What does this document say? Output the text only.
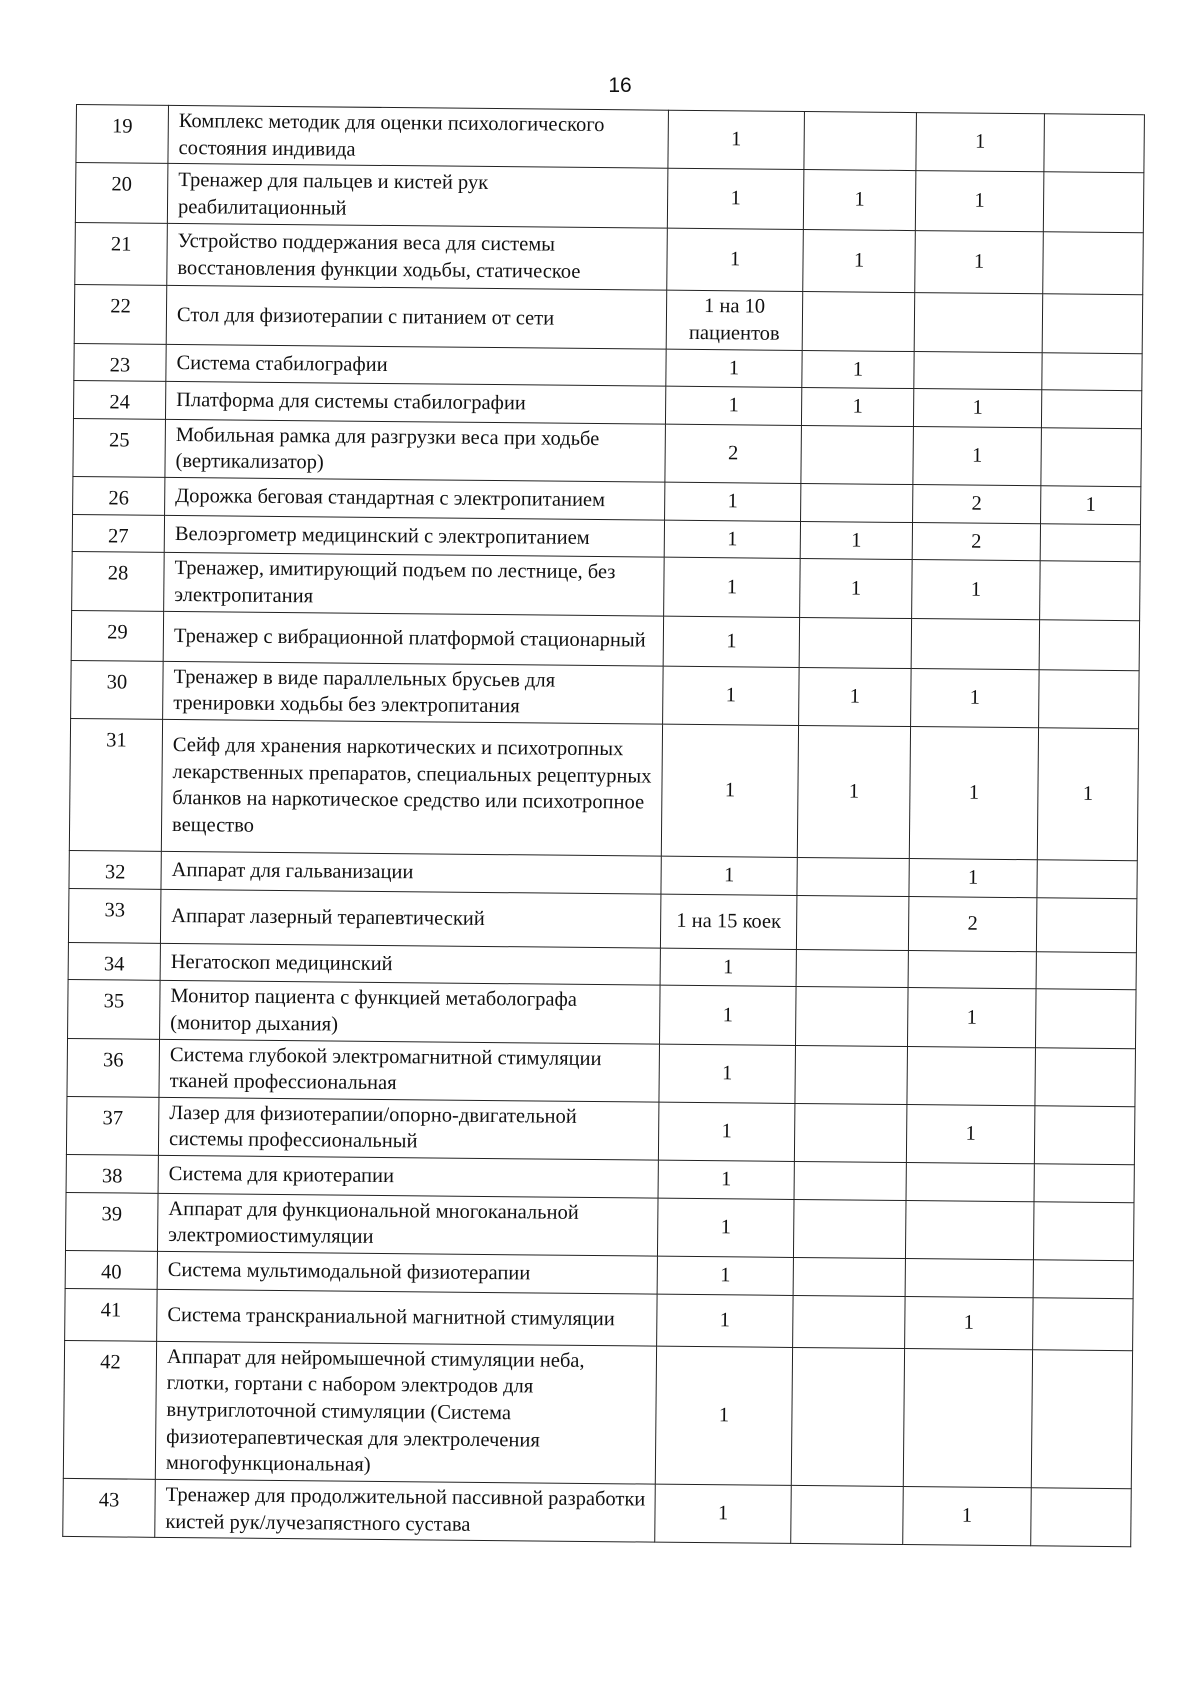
16
19	Комплекс методик для оценки психологического состояния индивида	1		1	
20	Тренажер для пальцев и кистей рук реабилитационный	1	1	1	
21	Устройство поддержания веса для системы восстановления функции ходьбы, статическое	1	1	1	
22	Стол для физиотерапии с питанием от сети	1 на 10 пациентов			
23	Система стабилографии	1	1		
24	Платформа для системы стабилографии	1	1	1	
25	Мобильная рамка для разгрузки веса при ходьбе (вертикализатор)	2		1	
26	Дорожка беговая стандартная с электропитанием	1		2	1
27	Велоэргометр медицинский с электропитанием	1	1	2	
28	Тренажер, имитирующий подъем по лестнице, без электропитания	1	1	1	
29	Тренажер с вибрационной платформой стационарный	1			
30	Тренажер в виде параллельных брусьев для тренировки ходьбы без электропитания	1	1	1	
31	Сейф для хранения наркотических и психотропных лекарственных препаратов, специальных рецептурных бланков на наркотическое средство или психотропное вещество	1	1	1	1
32	Аппарат для гальванизации	1		1	
33	Аппарат лазерный терапевтический	1 на 15 коек		2	
34	Негатоскоп медицинский	1			
35	Монитор пациента с функцией метаболографа (монитор дыхания)	1		1	
36	Система глубокой электромагнитной стимуляции тканей профессиональная	1			
37	Лазер для физиотерапии/опорно-двигательной системы профессиональный	1		1	
38	Система для криотерапии	1			
39	Аппарат для функциональной многоканальной электромиостимуляции	1			
40	Система мультимодальной физиотерапии	1			
41	Система транскраниальной магнитной стимуляции	1		1	
42	Аппарат для нейромышечной стимуляции неба, глотки, гортани с набором электродов для внутриглоточной стимуляции (Система физиотерапевтическая для электролечения многофункциональная)	1			
43	Тренажер для продолжительной пассивной разработки кистей рук/лучезапястного сустава	1		1	
